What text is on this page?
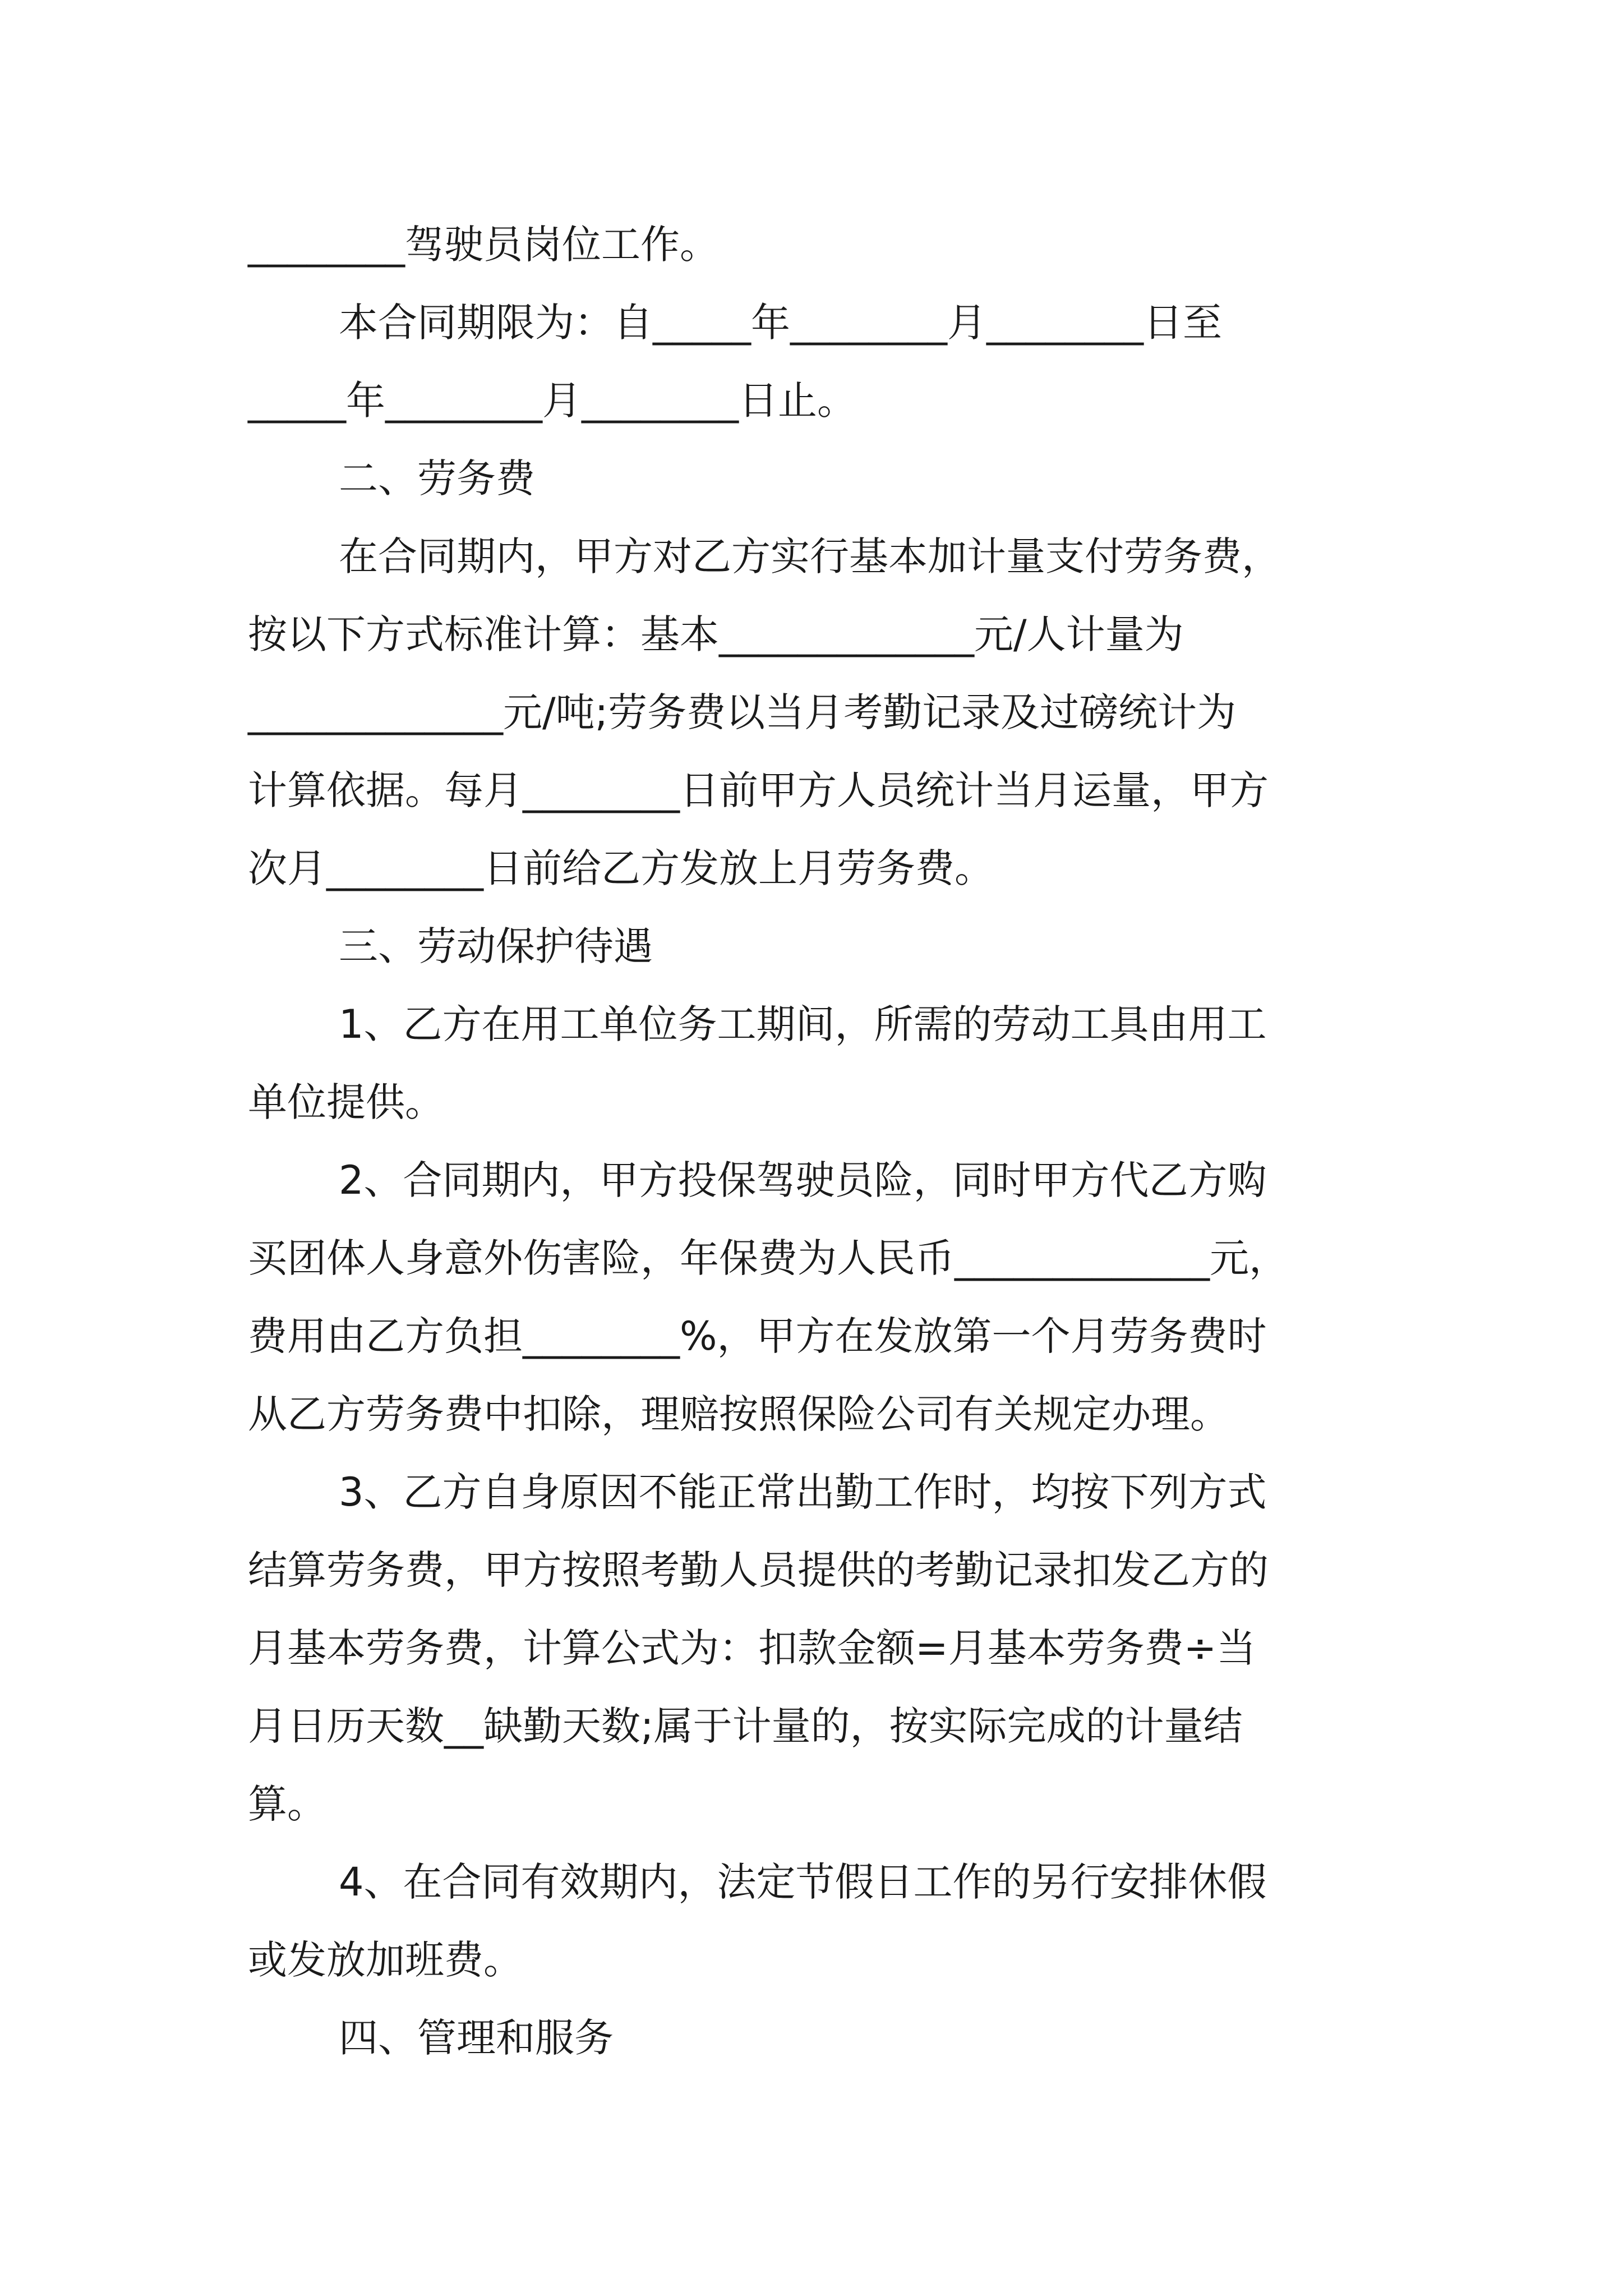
________驾驶员岗位工作。
本合同期限为：自_____年________月________日至
_____年________月________日止。
二、劳务费
在合同期内，甲方对乙方实行基本加计量支付劳务费，
按以下方式标准计算：基本_____________元/人计量为
_____________元/吨;劳务费以当月考勤记录及过磅统计为
计算依据。每月________日前甲方人员统计当月运量，甲方
次月________日前给乙方发放上月劳务费。
三、劳动保护待遇
1、乙方在用工单位务工期间，所需的劳动工具由用工
单位提供。
2、合同期内，甲方投保驾驶员险，同时甲方代乙方购
买团体人身意外伤害险，年保费为人民币_____________元，
费用由乙方负担________%，甲方在发放第一个月劳务费时
从乙方劳务费中扣除，理赔按照保险公司有关规定办理。
3、乙方自身原因不能正常出勤工作时，均按下列方式
结算劳务费，甲方按照考勤人员提供的考勤记录扣发乙方的
月基本劳务费，计算公式为：扣款金额=月基本劳务费÷当
月日历天数__缺勤天数;属于计量的，按实际完成的计量结
算。
4、在合同有效期内，法定节假日工作的另行安排休假
或发放加班费。
四、管理和服务
